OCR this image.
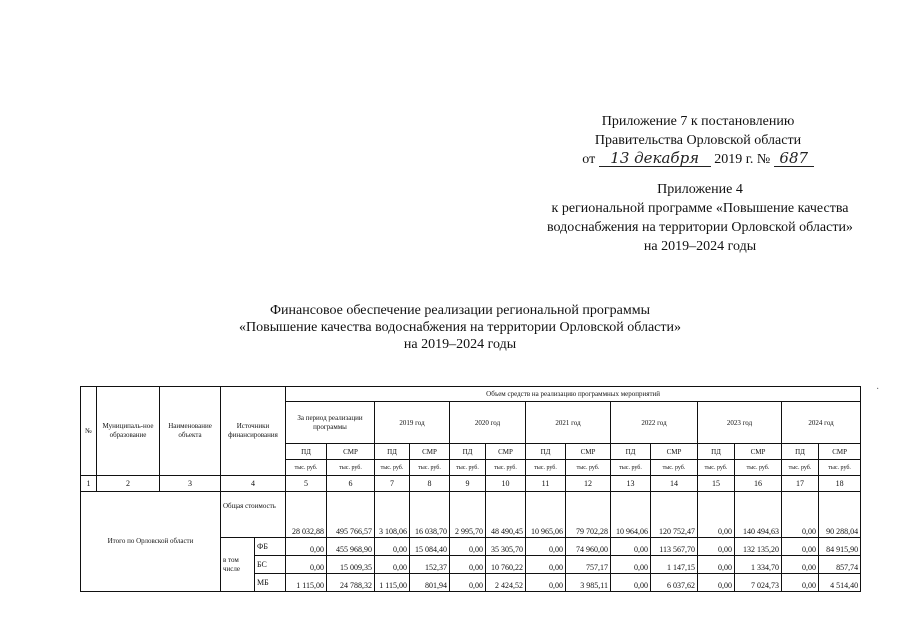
Приложение 7 к постановлению
Правительства Орловской области
от 13 декабря 2019 г. № 687
Приложение 4
к региональной программе «Повышение качества
водоснабжения на территории Орловской области»
на 2019–2024 годы
Финансовое обеспечение реализации региональной программы
«Повышение качества водоснабжения на территории Орловской области»
на 2019–2024 годы
·
№	Муниципаль-ное образование	Наименование объекта	Источники финансирования		Объем средств на реализацию программных мероприятий													
					За период реализации программы		2019 год		2020 год		2021 год		2022 год		2023 год		2024 год	
					ПД	СМР	ПД	СМР	ПД	СМР	ПД	СМР	ПД	СМР	ПД	СМР	ПД	СМР
					тыс. руб.	тыс. руб.	тыс. руб.	тыс. руб.	тыс. руб.	тыс. руб.	тыс. руб.	тыс. руб.	тыс. руб.	тыс. руб.	тыс. руб.	тыс. руб.	тыс. руб.	тыс. руб.
1	2	3	4		5	6	7	8	9	10	11	12	13	14	15	16	17	18
Итого по Орловской области			Общая стоимость		28 032,88	495 766,57	3 108,06	16 038,70	2 995,70	48 490,45	10 965,06	79 702,28	10 964,06	120 752,47	0,00	140 494,63	0,00	90 288,04
			в том числе	ФБ	0,00	455 968,90	0,00	15 084,40	0,00	35 305,70	0,00	74 960,00	0,00	113 567,70	0,00	132 135,20	0,00	84 915,90
				БС	0,00	15 009,35	0,00	152,37	0,00	10 760,22	0,00	757,17	0,00	1 147,15	0,00	1 334,70	0,00	857,74
				МБ	1 115,00	24 788,32	1 115,00	801,94	0,00	2 424,52	0,00	3 985,11	0,00	6 037,62	0,00	7 024,73	0,00	4 514,40
